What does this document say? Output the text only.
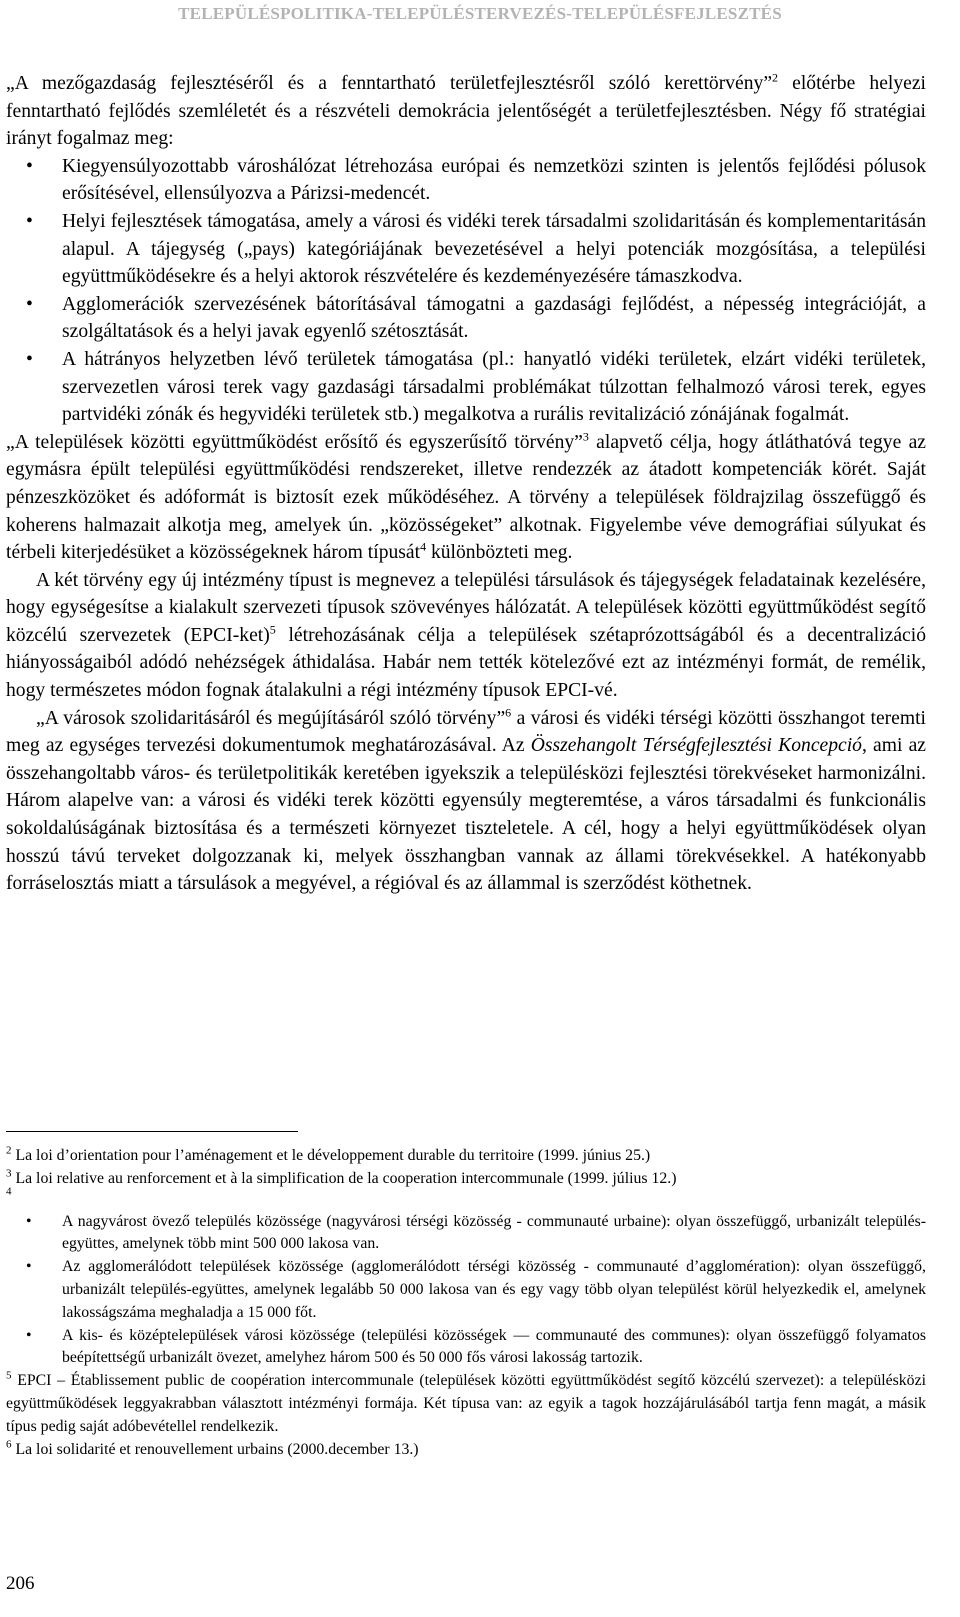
TELEPÜLÉSPOLITIKA-TELEPÜLÉSTERVEZÉS-TELEPÜLÉSFEJLESZTÉS

„A mezőgazdaság fejlesztéséről és a fenntartható területfejlesztésről szóló kerettörvény”$^2$ előtérbe helyezi fenntartható fejlődés szemléletét és a részvételi demokrácia jelentőségét a területfejlesztésben. Négy fő stratégiai irányt fogalmaz meg:

• Kiegyensúlyozottabb városhálózat létrehozása európai és nemzetközi szinten is jelentős fejlődési pólusok erősítésével, ellensúlyozva a Párizsi-medencét.
• Helyi fejlesztések támogatása, amely a városi és vidéki terek társadalmi szolidaritásán és komplementaritásán alapul. A tájegység („pays) kategóriájának bevezetésével a helyi potenciák mozgósítása, a települési együttműködésekre és a helyi aktorok részvételére és kezdeményezésére támaszkodva.
• Agglomerációk szervezésének bátorításával támogatni a gazdasági fejlődést, a népesség integrációját, a szolgáltatások és a helyi javak egyenlő szétosztását.
• A hátrányos helyzetben lévő területek támogatása (pl.: hanyatló vidéki területek, elzárt vidéki területek, szervezetlen városi terek vagy gazdasági társadalmi problémákat túlzottan felhalmozó városi terek, egyes partvidéki zónák és hegyvidéki területek stb.) megalkotva a rurális revitalizáció zónájának fogalmát.

„A települések közötti együttműködést erősítő és egyszerűsítő törvény”$^3$ alapvető célja, hogy átláthatóvá tegye az egymásra épült települési együttműködési rendszereket, illetve rendezzék az átadott kompetenciák körét. Saját pénzeszközöket és adóformát is biztosít ezek működéséhez. A törvény a települések földrajzilag összefüggő és koherens halmazait alkotja meg, amelyek ún. „közösségeket” alkotnak. Figyelembe véve demográfiai súlyukat és térbeli kiterjedésüket a közösségeknek három típusát$^4$ különbözteti meg.

A két törvény egy új intézmény típust is megnevez a települési társulások és tájegységek feladatainak kezelésére, hogy egységesítse a kialakult szervezeti típusok szövevényes hálózatát. A települések közötti együttműködést segítő közcélú szervezetek (EPCI-ket)$^5$ létrehozásának célja a települések szétaprózottságából és a decentralizáció hiányosságaiból adódó nehézségek áthidalása. Habár nem tették kötelezővé ezt az intézményi formát, de remélik, hogy természetes módon fognak átalakulni a régi intézmény típusok EPCI-vé.

„A városok szolidaritásáról és megújításáról szóló törvény”$^6$ a városi és vidéki térségi közötti összhangot teremti meg az egységes tervezési dokumentumok meghatározásával. Az Összehangolt Térségfejlesztési Koncepció, ami az összehangoltabb város- és területpolitikák keretében igyekszik a településközi fejlesztési törekvéseket harmonizálni. Három alapelve van: a városi és vidéki terek közötti egyensúly megteremtése, a város társadalmi és funkcionális sokoldalúságának biztosítása és a természeti környezet tiszteletele. A cél, hogy a helyi együttműködések olyan hosszú távú terveket dolgozzanak ki, melyek összhangban vannak az állami törekvésekkel. A hatékonyabb forráselosztás miatt a társulások a megyével, a régióval és az állammal is szerződést köthetnek.

$^2$ La loi d’orientation pour l’aménagement et le développement durable du territoire (1999. június 25.)

$^3$ La loi relative au renforcement et à la simplification de la cooperation intercommunale (1999. július 12.)

$^4$

• A nagyvárost övező település közössége (nagyvárosi térségi közösség - communauté urbaine): olyan összefüggő, urbanizált település-együttes, amelynek több mint 500 000 lakosa van.
• Az agglomerálódott települések közössége (agglomerálódott térségi közösség - communauté d’agglomération): olyan összefüggő, urbanizált település-együttes, amelynek legalább 50 000 lakosa van és egy vagy több olyan települést körül helyezkedik el, amelynek lakosságszáma meghaladja a 15 000 főt.
• A kis- és középtelepülések városi közössége (települési közösségek — communauté des communes): olyan összefüggő folyamatos beépítettségű urbanizált övezet, amelyhez három 500 és 50 000 fős városi lakosság tartozik.

$^5$ EPCI – Établissement public de coopération intercommunale (települések közötti együttműködést segítő közcélú szervezet): a településközi együttműködések leggyakrabban választott intézményi formája. Két típusa van: az egyik a tagok hozzájárulásából tartja fenn magát, a másik típus pedig saját adóbevétellel rendelkezik.

$^6$ La loi solidarité et renouvellement urbains (2000.december 13.)

206
